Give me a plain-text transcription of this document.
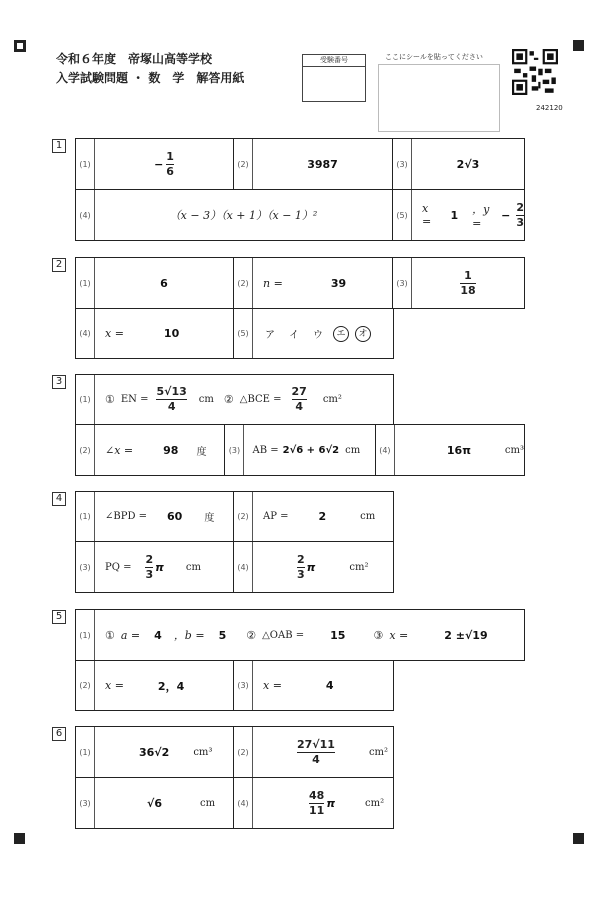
令和６年度　帝塚山高等学校
入学試験問題 ・ 数　学　解答用紙
受験番号	ここにシールを貼ってください
242120
1
(1)	− $\frac{1}{6}$	(2)	3987	(3)	2√3
(4)	（x − 3）（x + 1）（x − 1）²	(5)	x =	1 ，y =
− $\frac{2}{3}$
2
(1)	6	(2)	n =	39	(3)	$\frac{1}{18}$
(4)	x =	10	(5)	ア イ ウ	エ	オ
3
(1)	① EN = $\frac{5√13}{4}$ cm ② △BCE = $\frac{27}{4} cm^2$
(2)	∠x =	98 度	(3)	AB = 2√6 + 6√2 cm	(4)	16π	cm³
4
(1)	∠BPD = 60 度	(2)	AP =	2	cm
(3)	PQ = $\frac{2}{3}$ π cm	(4)	$\frac{2}{3}$ π	cm²
5
(1)	① a = 4 ，b = 5 ② △OAB = 15	③ x =	2 ±√19
(2)	x =	2，4	(3)	x =	4
6
(1)	36√2 cm³	(2)	$\frac{27√11}{4}$	cm²
(3)	√6	cm	(4)	$\frac{48}{11}$ π	cm²
